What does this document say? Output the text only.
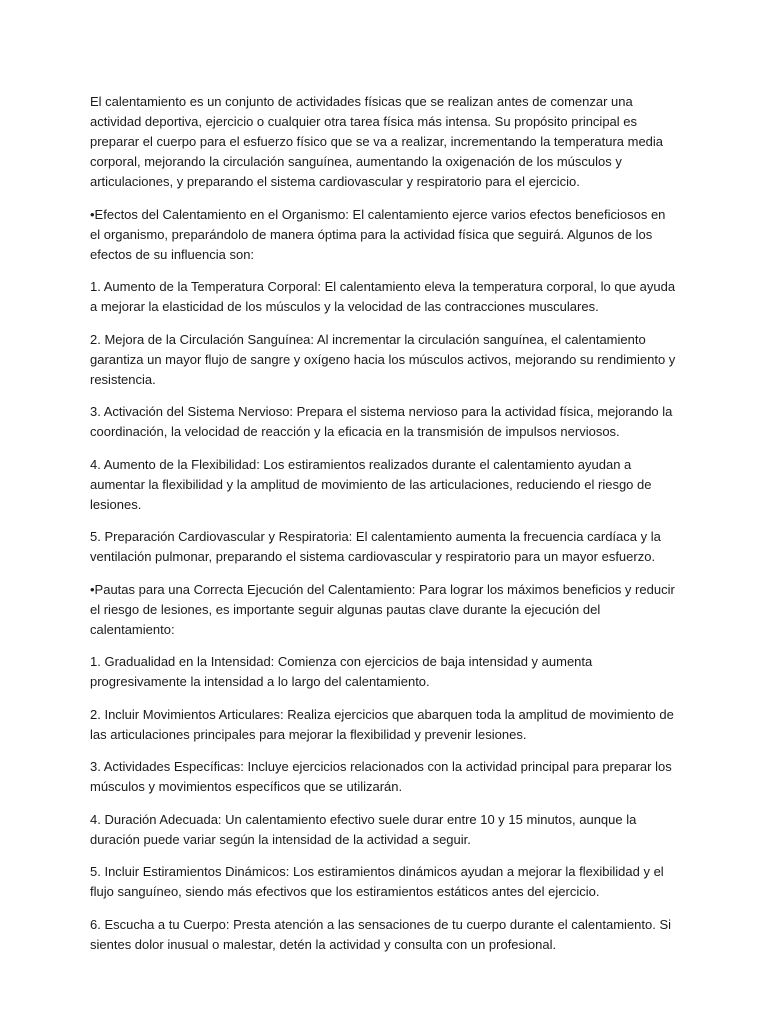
El calentamiento es un conjunto de actividades físicas que se realizan antes de comenzar una actividad deportiva, ejercicio o cualquier otra tarea física más intensa. Su propósito principal es preparar el cuerpo para el esfuerzo físico que se va a realizar, incrementando la temperatura media corporal, mejorando la circulación sanguínea, aumentando la oxigenación de los músculos y articulaciones, y preparando el sistema cardiovascular y respiratorio para el ejercicio.

•Efectos del Calentamiento en el Organismo: El calentamiento ejerce varios efectos beneficiosos en el organismo, preparándolo de manera óptima para la actividad física que seguirá. Algunos de los efectos de su influencia son:

1. Aumento de la Temperatura Corporal: El calentamiento eleva la temperatura corporal, lo que ayuda a mejorar la elasticidad de los músculos y la velocidad de las contracciones musculares.

2. Mejora de la Circulación Sanguínea: Al incrementar la circulación sanguínea, el calentamiento garantiza un mayor flujo de sangre y oxígeno hacia los músculos activos, mejorando su rendimiento y resistencia.

3. Activación del Sistema Nervioso: Prepara el sistema nervioso para la actividad física, mejorando la coordinación, la velocidad de reacción y la eficacia en la transmisión de impulsos nerviosos.

4. Aumento de la Flexibilidad: Los estiramientos realizados durante el calentamiento ayudan a aumentar la flexibilidad y la amplitud de movimiento de las articulaciones, reduciendo el riesgo de lesiones.

5. Preparación Cardiovascular y Respiratoria: El calentamiento aumenta la frecuencia cardíaca y la ventilación pulmonar, preparando el sistema cardiovascular y respiratorio para un mayor esfuerzo.

•Pautas para una Correcta Ejecución del Calentamiento: Para lograr los máximos beneficios y reducir el riesgo de lesiones, es importante seguir algunas pautas clave durante la ejecución del calentamiento:

1. Gradualidad en la Intensidad: Comienza con ejercicios de baja intensidad y aumenta progresivamente la intensidad a lo largo del calentamiento.

2. Incluir Movimientos Articulares: Realiza ejercicios que abarquen toda la amplitud de movimiento de las articulaciones principales para mejorar la flexibilidad y prevenir lesiones.

3. Actividades Específicas: Incluye ejercicios relacionados con la actividad principal para preparar los músculos y movimientos específicos que se utilizarán.

4. Duración Adecuada: Un calentamiento efectivo suele durar entre 10 y 15 minutos, aunque la duración puede variar según la intensidad de la actividad a seguir.

5. Incluir Estiramientos Dinámicos: Los estiramientos dinámicos ayudan a mejorar la flexibilidad y el flujo sanguíneo, siendo más efectivos que los estiramientos estáticos antes del ejercicio.

6. Escucha a tu Cuerpo: Presta atención a las sensaciones de tu cuerpo durante el calentamiento. Si sientes dolor inusual o malestar, detén la actividad y consulta con un profesional.
